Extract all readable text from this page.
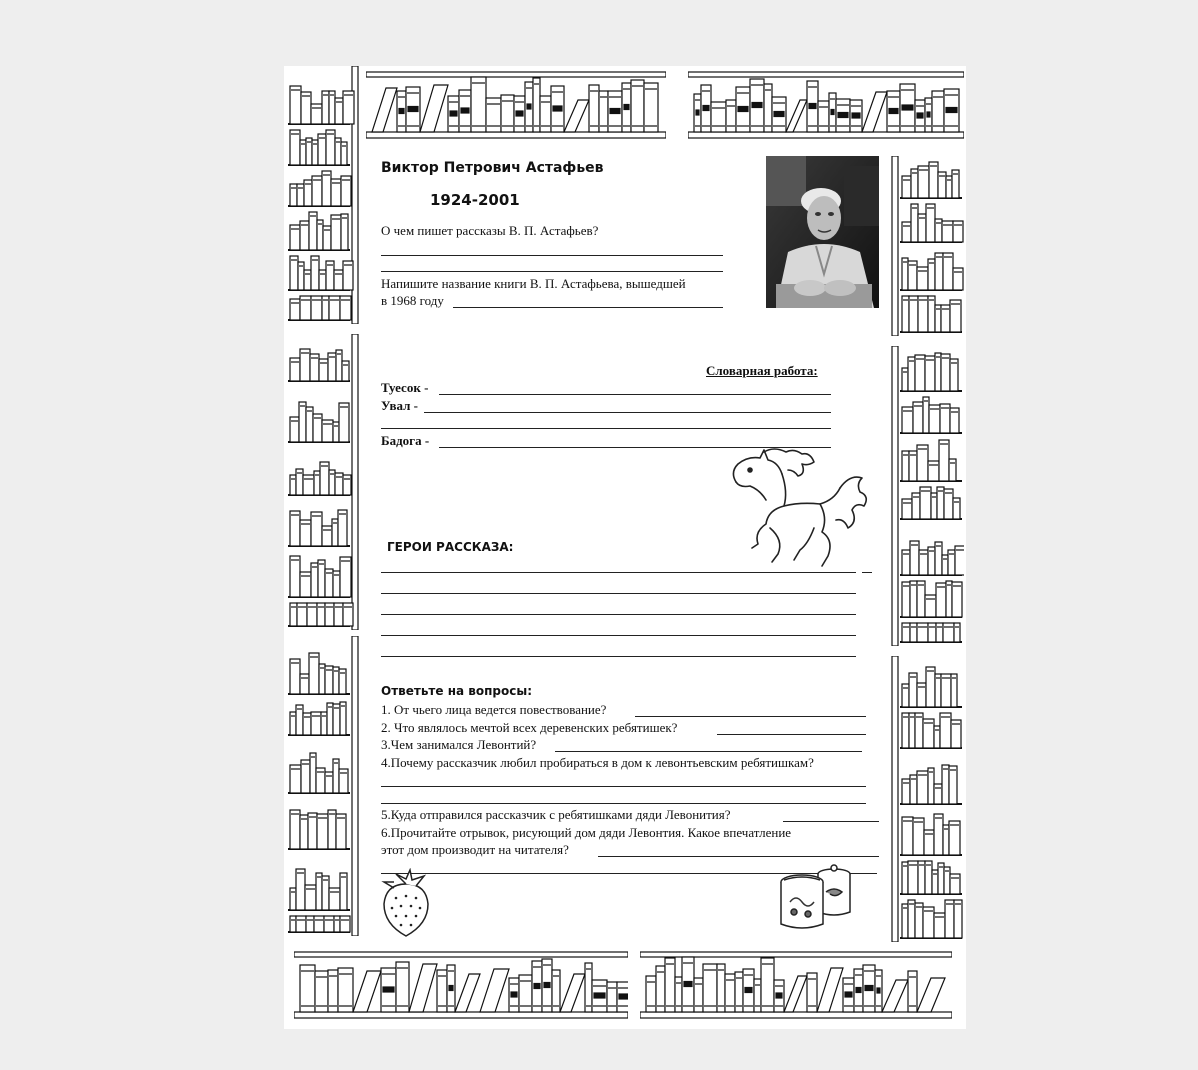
Виктор Петрович Астафьев
1924-2001
О чем пишет рассказы В. П. Астафьев?
Напишите название книги В. П. Астафьева, вышедшей
в 1968 году
Словарная работа:
Туесок -
Увал -
Бадога -
ГЕРОИ РАССКАЗА:
Ответьте на вопросы:
1. От чьего лица ведется повествование?
2. Что являлось мечтой всех деревенских ребятишек?
3.Чем занимался Левонтий?
4.Почему рассказчик любил пробираться в дом к левонтьевским ребятишкам?
5.Куда отправился рассказчик с ребятишками дяди Левонития?
6.Прочитайте отрывок, рисующий дом дяди Левонтия. Какое впечатление
этот дом производит на читателя?
